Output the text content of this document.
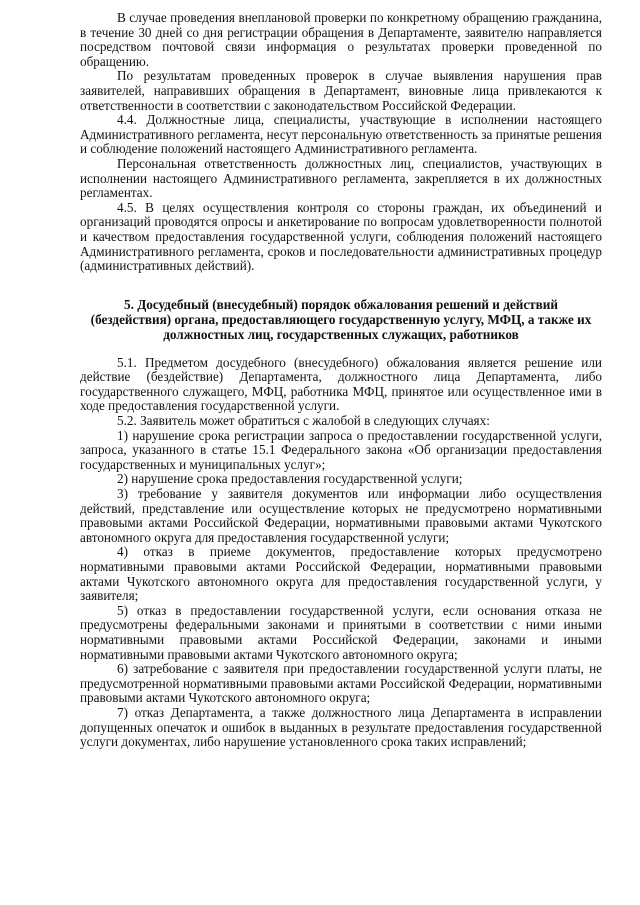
В случае проведения внеплановой проверки по конкретному обращению гражданина, в течение 30 дней со дня регистрации обращения в Департаменте, заявителю направляется посредством почтовой связи информация о результатах проверки проведенной по обращению.

По результатам проведенных проверок в случае выявления нарушения прав заявителей, направивших обращения в Департамент, виновные лица привлекаются к ответственности в соответствии с законодательством Российской Федерации.

4.4. Должностные лица, специалисты, участвующие в исполнении настоящего Административного регламента, несут персональную ответственность за принятые решения и соблюдение положений настоящего Административного регламента.

Персональная ответственность должностных лиц, специалистов, участвующих в исполнении настоящего Административного регламента, закрепляется в их должностных регламентах.

4.5. В целях осуществления контроля со стороны граждан, их объединений и организаций проводятся опросы и анкетирование по вопросам удовлетворенности полнотой и качеством предоставления государственной услуги, соблюдения положений настоящего Административного регламента, сроков и последовательности административных процедур (административных действий).

5. Досудебный (внесудебный) порядок обжалования решений и действий (бездействия) органа, предоставляющего государственную услугу, МФЦ, а также их должностных лиц, государственных служащих, работников

5.1. Предметом досудебного (внесудебного) обжалования является решение или действие (бездействие) Департамента, должностного лица Департамента, либо государственного служащего, МФЦ, работника МФЦ, принятое или осуществленное ими в ходе предоставления государственной услуги.

5.2. Заявитель может обратиться с жалобой в следующих случаях:

1) нарушение срока регистрации запроса о предоставлении государственной услуги, запроса, указанного в статье 15.1 Федерального закона «Об организации предоставления государственных и муниципальных услуг»;

2) нарушение срока предоставления государственной услуги;

3) требование у заявителя документов или информации либо осуществления действий, представление или осуществление которых не предусмотрено нормативными правовыми актами Российской Федерации, нормативными правовыми актами Чукотского автономного округа для предоставления государственной услуги;

4) отказ в приеме документов, предоставление которых предусмотрено нормативными правовыми актами Российской Федерации, нормативными правовыми актами Чукотского автономного округа для предоставления государственной услуги, у заявителя;

5) отказ в предоставлении государственной услуги, если основания отказа не предусмотрены федеральными законами и принятыми в соответствии с ними иными нормативными правовыми актами Российской Федерации, законами и иными нормативными правовыми актами Чукотского автономного округа;

6) затребование с заявителя при предоставлении государственной услуги платы, не предусмотренной нормативными правовыми актами Российской Федерации, нормативными правовыми актами Чукотского автономного округа;

7) отказ Департамента, а также должностного лица Департамента в исправлении допущенных опечаток и ошибок в выданных в результате предоставления государственной услуги документах, либо нарушение установленного срока таких исправлений;
